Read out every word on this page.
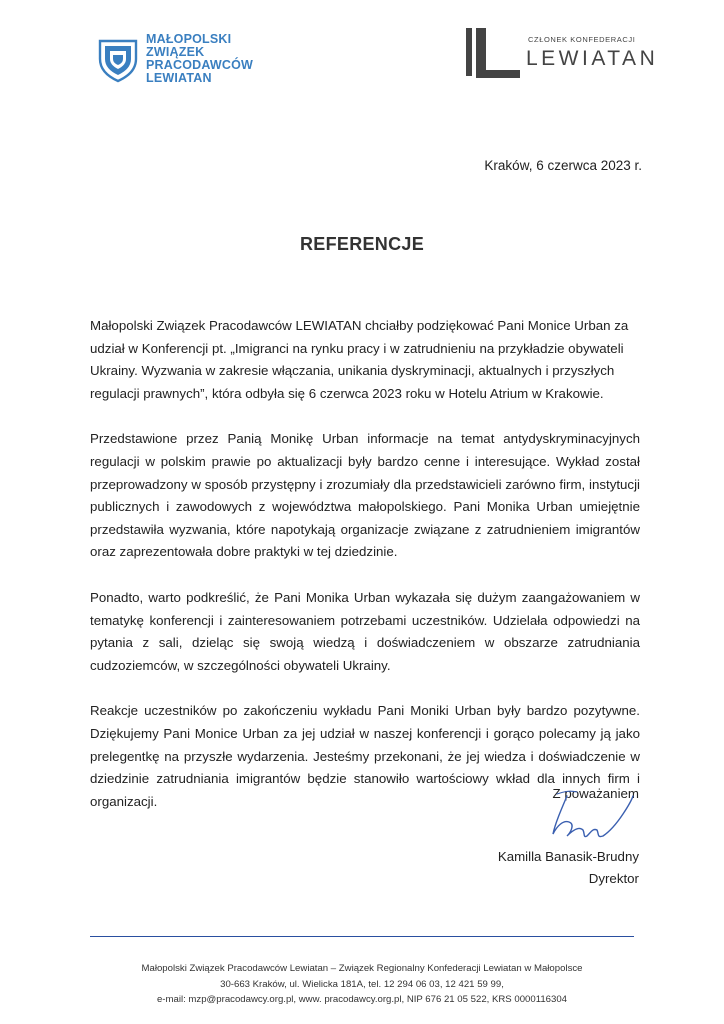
MAŁOPOLSKI
ZWIĄZEK
PRACODAWCÓW
LEWIATAN
CZŁONEK KONFEDERACJI
LEWIATAN
Kraków, 6 czerwca 2023 r.
REFERENCJE

Małopolski Związek Pracodawców LEWIATAN chciałby podziękować Pani Monice Urban za udział w Konferencji pt. „Imigranci na rynku pracy i w zatrudnieniu na przykładzie obywateli Ukrainy. Wyzwania w zakresie włączania, unikania dyskryminacji, aktualnych i przyszłych regulacji prawnych”, która odbyła się 6 czerwca 2023 roku w Hotelu Atrium w Krakowie.

Przedstawione przez Panią Monikę Urban informacje na temat antydyskryminacyjnych regulacji w polskim prawie po aktualizacji były bardzo cenne i interesujące. Wykład został przeprowadzony w sposób przystępny i zrozumiały dla przedstawicieli zarówno firm, instytucji publicznych i zawodowych z województwa małopolskiego. Pani Monika Urban umiejętnie przedstawiła wyzwania, które napotykają organizacje związane z zatrudnieniem imigrantów oraz zaprezentowała dobre praktyki w tej dziedzinie.

Ponadto, warto podkreślić, że Pani Monika Urban wykazała się dużym zaangażowaniem w tematykę konferencji i zainteresowaniem potrzebami uczestników. Udzielała odpowiedzi na pytania z sali, dzieląc się swoją wiedzą i doświadczeniem w obszarze zatrudniania cudzoziemców, w szczególności obywateli Ukrainy.

Reakcje uczestników po zakończeniu wykładu Pani Moniki Urban były bardzo pozytywne. Dziękujemy Pani Monice Urban za jej udział w naszej konferencji i gorąco polecamy ją jako prelegentkę na przyszłe wydarzenia. Jesteśmy przekonani, że jej wiedza i doświadczenie w dziedzinie zatrudniania imigrantów będzie stanowiło wartościowy wkład dla innych firm i organizacji.

Z poważaniem
Kamilla Banasik-Brudny
Dyrektor
Małopolski Związek Pracodawców Lewiatan – Związek Regionalny Konfederacji Lewiatan w Małopolsce
30-663 Kraków, ul. Wielicka 181A, tel. 12 294 06 03, 12 421 59 99,
e-mail: mzp@pracodawcy.org.pl, www. pracodawcy.org.pl, NIP 676 21 05 522, KRS 0000116304
